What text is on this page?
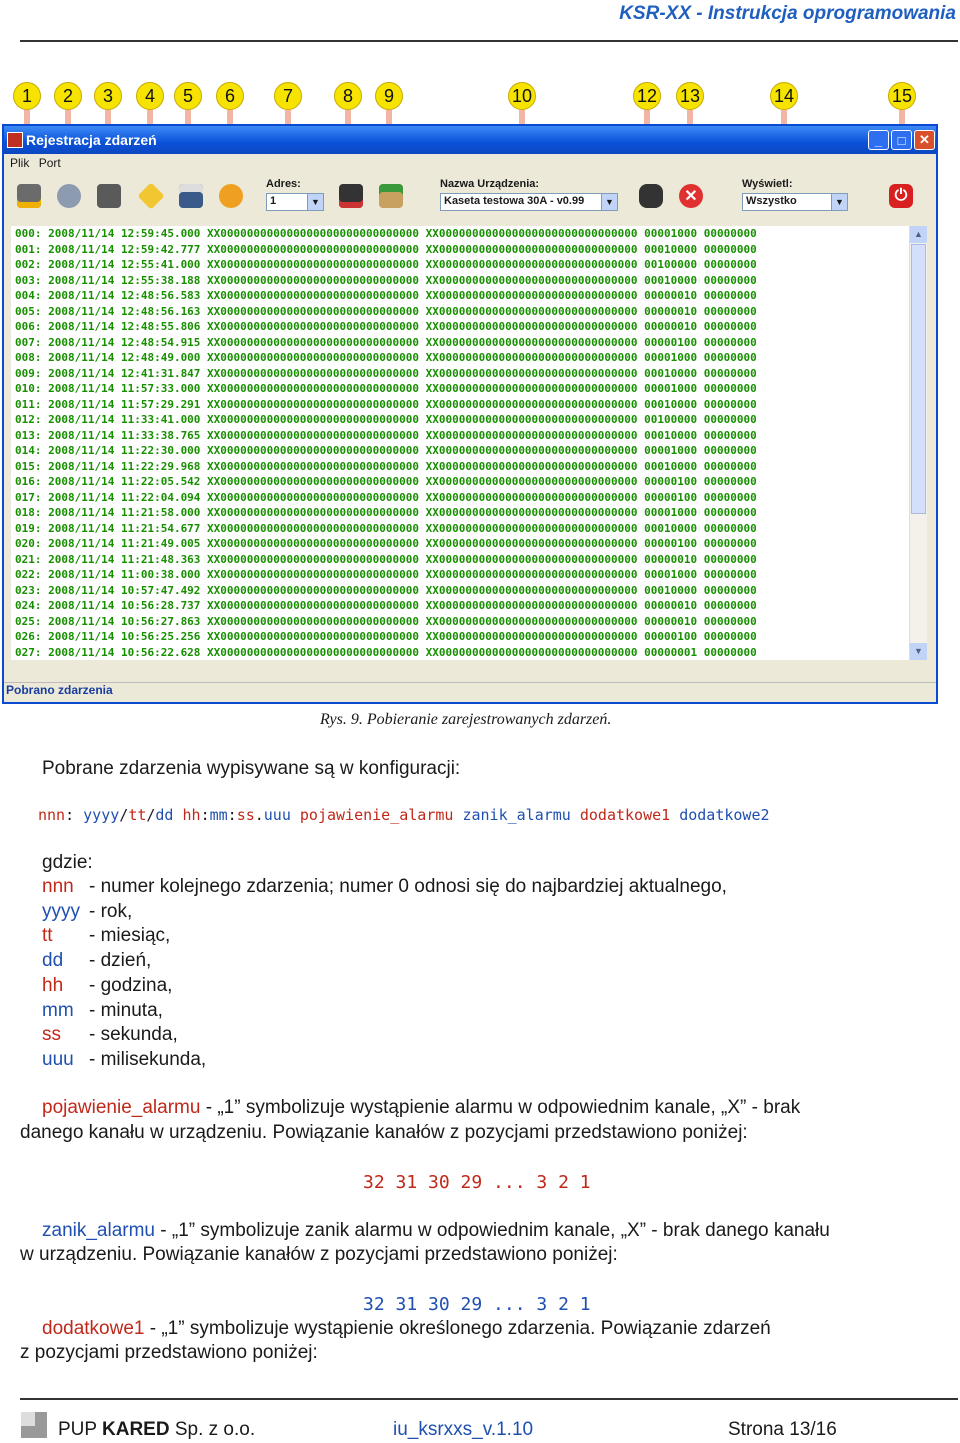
KSR-XX - Instrukcja oprogramowania
1	2	3	4	5	6	7	8	9	10	12 13	14	15
Rejestracja zdarzeń	_	□	✕
Plik Port
Adres:
1	▼
Nazwa Urządzenia:
Kaseta testowa 30A - v0.99	▼	✕
Wyświetl:
Wszystko	▼	⏻
000: 2008/11/14 12:59:45.000 XX000000000000000000000000000000 XX000000000000000000000000000000 00001000 00000000
001: 2008/11/14 12:59:42.777 XX000000000000000000000000000000 XX000000000000000000000000000000 00010000 00000000
002: 2008/11/14 12:55:41.000 XX000000000000000000000000000000 XX000000000000000000000000000000 00100000 00000000
003: 2008/11/14 12:55:38.188 XX000000000000000000000000000000 XX000000000000000000000000000000 00010000 00000000
004: 2008/11/14 12:48:56.583 XX000000000000000000000000000000 XX000000000000000000000000000000 00000010 00000000
005: 2008/11/14 12:48:56.163 XX000000000000000000000000000000 XX000000000000000000000000000000 00000010 00000000
006: 2008/11/14 12:48:55.806 XX000000000000000000000000000000 XX000000000000000000000000000000 00000010 00000000
007: 2008/11/14 12:48:54.915 XX000000000000000000000000000000 XX000000000000000000000000000000 00000100 00000000
008: 2008/11/14 12:48:49.000 XX000000000000000000000000000000 XX000000000000000000000000000000 00001000 00000000
009: 2008/11/14 12:41:31.847 XX000000000000000000000000000000 XX000000000000000000000000000000 00010000 00000000
010: 2008/11/14 11:57:33.000 XX000000000000000000000000000000 XX000000000000000000000000000000 00001000 00000000
011: 2008/11/14 11:57:29.291 XX000000000000000000000000000000 XX000000000000000000000000000000 00010000 00000000
012: 2008/11/14 11:33:41.000 XX000000000000000000000000000000 XX000000000000000000000000000000 00100000 00000000
013: 2008/11/14 11:33:38.765 XX000000000000000000000000000000 XX000000000000000000000000000000 00010000 00000000
014: 2008/11/14 11:22:30.000 XX000000000000000000000000000000 XX000000000000000000000000000000 00001000 00000000
015: 2008/11/14 11:22:29.968 XX000000000000000000000000000000 XX000000000000000000000000000000 00010000 00000000
016: 2008/11/14 11:22:05.542 XX000000000000000000000000000000 XX000000000000000000000000000000 00000100 00000000
017: 2008/11/14 11:22:04.094 XX000000000000000000000000000000 XX000000000000000000000000000000 00000100 00000000
018: 2008/11/14 11:21:58.000 XX000000000000000000000000000000 XX000000000000000000000000000000 00001000 00000000
019: 2008/11/14 11:21:54.677 XX000000000000000000000000000000 XX000000000000000000000000000000 00010000 00000000
020: 2008/11/14 11:21:49.005 XX000000000000000000000000000000 XX000000000000000000000000000000 00000100 00000000
021: 2008/11/14 11:21:48.363 XX000000000000000000000000000000 XX000000000000000000000000000000 00000010 00000000
022: 2008/11/14 11:00:38.000 XX000000000000000000000000000000 XX000000000000000000000000000000 00001000 00000000
023: 2008/11/14 10:57:47.492 XX000000000000000000000000000000 XX000000000000000000000000000000 00010000 00000000
024: 2008/11/14 10:56:28.737 XX000000000000000000000000000000 XX000000000000000000000000000000 00000010 00000000
025: 2008/11/14 10:56:27.863 XX000000000000000000000000000000 XX000000000000000000000000000000 00000010 00000000
026: 2008/11/14 10:56:25.256 XX000000000000000000000000000000 XX000000000000000000000000000000 00000100 00000000
027: 2008/11/14 10:56:22.628 XX000000000000000000000000000000 XX000000000000000000000000000000 00000001 00000000
▲
▼
Pobrano zdarzenia
Rys. 9. Pobieranie zarejestrowanych zdarzeń.
Pobrane zdarzenia wypisywane są w konfiguracji:
nnn: yyyy/tt/dd hh:mm:ss.uuu pojawienie_alarmu zanik_alarmu dodatkowe1 dodatkowe2
gdzie:
nnn - numer kolejnego zdarzenia; numer 0 odnosi się do najbardziej aktualnego,
yyyy - rok,
tt - miesiąc,
dd - dzień,
hh - godzina,
mm - minuta,
ss - sekunda,
uuu - milisekunda,
pojawienie_alarmu - „1” symbolizuje wystąpienie alarmu w odpowiednim kanale, „X” - brak
danego kanału w urządzeniu. Powiązanie kanałów z pozycjami przedstawiono poniżej:
32 31 30 29 ... 3 2 1
zanik_alarmu - „1” symbolizuje zanik alarmu w odpowiednim kanale, „X” - brak danego kanału
w urządzeniu. Powiązanie kanałów z pozycjami przedstawiono poniżej:
32 31 30 29 ... 3 2 1
dodatkowe1 - „1” symbolizuje wystąpienie określonego zdarzenia. Powiązanie zdarzeń
z pozycjami przedstawiono poniżej:
PUP KARED Sp. z o.o.	iu_ksrxxs_v.1.10	Strona 13/16
